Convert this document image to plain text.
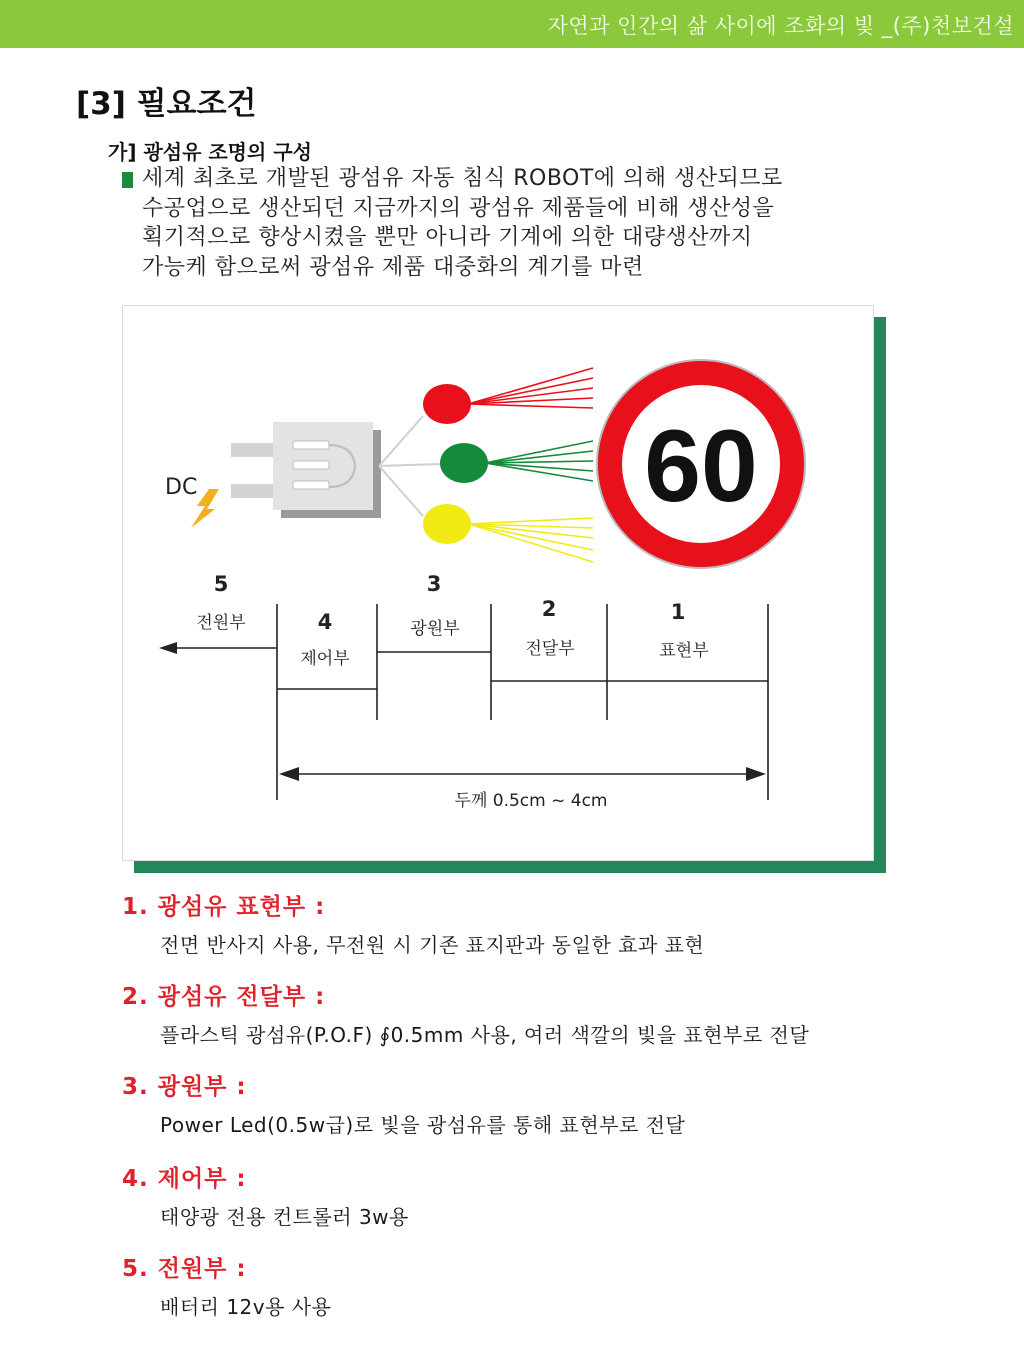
자연과 인간의 삶 사이에 조화의 빛 _(주)천보건설
[3] 필요조건
가] 광섬유 조명의 구성
세계 최초로 개발된 광섬유 자동 침식 ROBOT에 의해 생산되므로
수공업으로 생산되던 지금까지의 광섬유 제품들에 비해 생산성을
획기적으로 향상시켰을 뿐만 아니라 기계에 의한 대량생산까지
가능케 함으로써 광섬유 제품 대중화의 계기를 마련
DC	60
5
전원부	4
제어부
3
광원부
2
전달부
1
표현부
두께 0.5cm ~ 4cm
1. 광섬유 표현부 :
전면 반사지 사용, 무전원 시 기존 표지판과 동일한 효과 표현
2. 광섬유 전달부 :
플라스틱 광섬유(P.O.F) ∮0.5mm 사용, 여러 색깔의 빛을 표현부로 전달
3. 광원부 :
Power Led(0.5w급)로 빛을 광섬유를 통해 표현부로 전달
4. 제어부 :
태양광 전용 컨트롤러 3w용
5. 전원부 :
배터리 12v용 사용
